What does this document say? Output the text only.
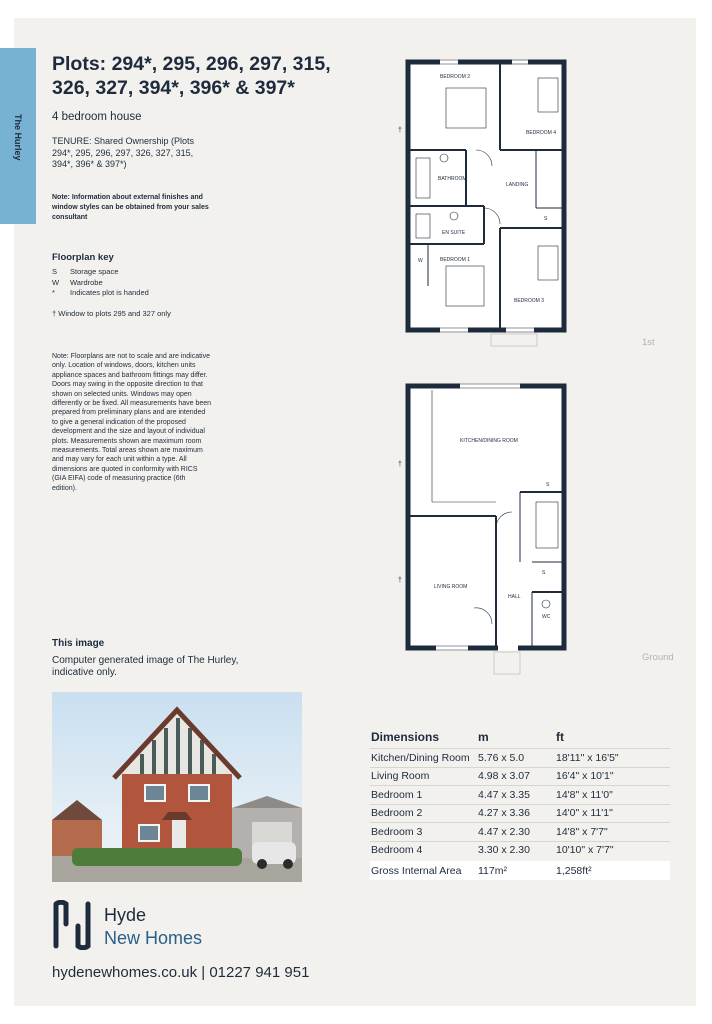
The Hurley
Plots: 294*, 295, 296, 297, 315, 326, 327, 394*, 396* & 397*
4 bedroom house
TENURE: Shared Ownership (Plots 294*, 295, 296, 297, 326, 327, 315, 394*, 396* & 397*)
Note: Information about external finishes and window styles can be obtained from your sales consultant
Floorplan key
S	Storage space
W	Wardrobe
*	Indicates plot is handed
† Window to plots 295 and 327 only
Note: Floorplans are not to scale and are indicative only. Location of windows, doors, kitchen units appliance spaces and bathroom fittings may differ. Doors may swing in the opposite direction to that shown on selected units. Windows may open differently or be fixed. All measurements have been prepared from preliminary plans and are intended to give a general indication of the proposed development and the size and layout of individual plots. Measurements shown are maximum room measurements. Total areas shown are maximum and may vary for each unit within a type. All dimensions are quoted in conformity with RICS (GIA EIFA) code of measuring practice (6th edition).
BEDROOM 2
BEDROOM 4
BATHROOM
LANDING
S
EN SUITE
W	BEDROOM 1
BEDROOM 3
†
1st
KITCHEN/DINING ROOM
S
S
LIVING ROOM
HALL
WC
†
†
Ground
This image
Computer generated image of The Hurley, indicative only.
Dimensions	m	ft
Kitchen/Dining Room 5.76 x 5.0	18'11" x 16'5"
Living Room	4.98 x 3.07	16'4" x 10'1"
Bedroom 1	4.47 x 3.35	14'8" x 11'0"
Bedroom 2	4.27 x 3.36	14'0" x 11'1"
Bedroom 3	4.47 x 2.30	14'8" x 7'7"
Bedroom 4	3.30 x 2.30	10'10" x 7'7"
Gross Internal Area	117m²	1,258ft²
Hyde
New Homes
hydenewhomes.co.uk | 01227 941 951
